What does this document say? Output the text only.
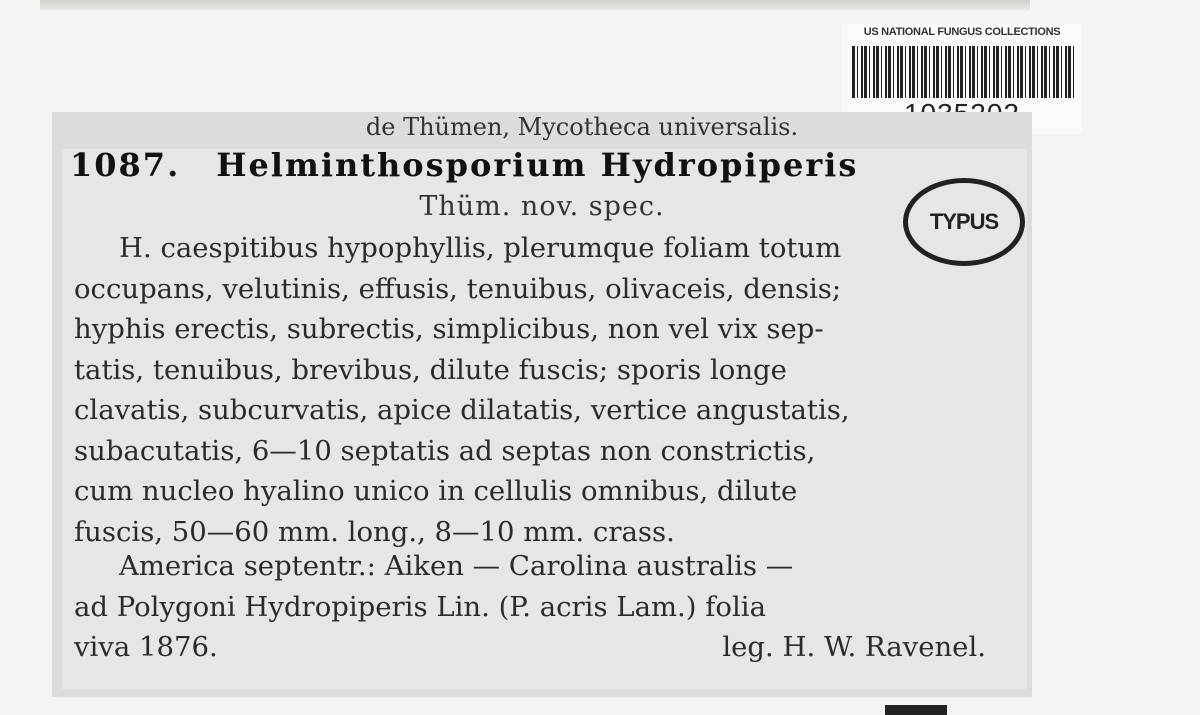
US NATIONAL FUNGUS COLLECTIONS
de Thümen, Mycotheca universalis.
1087. Helminthosporium Hydropiperis
Thüm. nov. spec.
H. caespitibus hypophyllis, plerumque foliam totum
occupans, velutinis, effusis, tenuibus, olivaceis, densis;
hyphis erectis, subrectis, simplicibus, non vel vix sep-
tatis, tenuibus, brevibus, dilute fuscis; sporis longe
clavatis, subcurvatis, apice dilatatis, vertice angustatis,
subacutatis, 6—10 septatis ad septas non constrictis,
cum nucleo hyalino unico in cellulis omnibus, dilute
fuscis, 50—60 mm. long., 8—10 mm. crass.
America septentr.: Aiken — Carolina australis —
ad Polygoni Hydropiperis Lin. (P. acris Lam.) folia
viva 1876.	leg. H. W. Ravenel.
TYPUS
